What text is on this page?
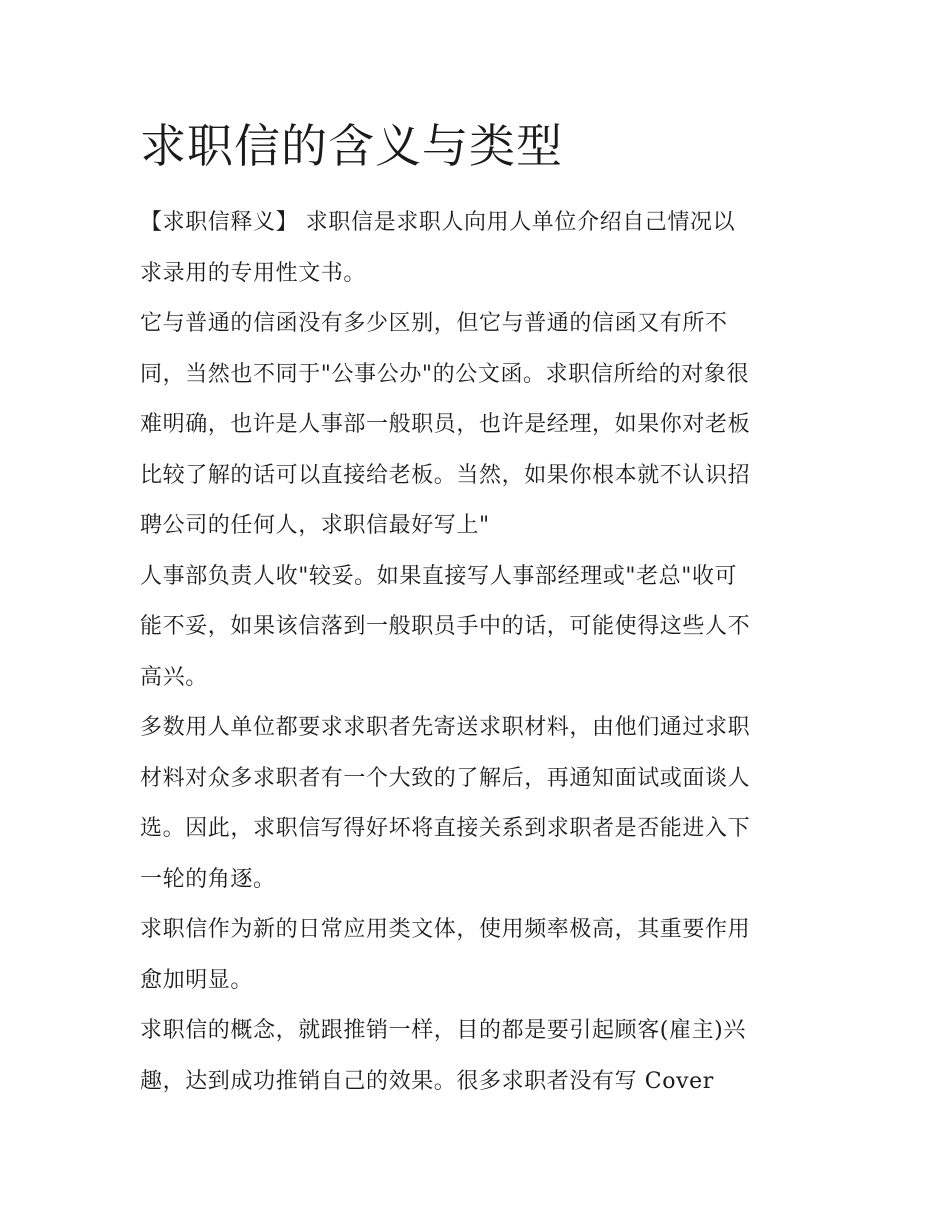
求职信的含义与类型

【求职信释义】 求职信是求职人向用人单位介绍自己情况以
求录用的专用性文书。

它与普通的信函没有多少区别，但它与普通的信函又有所不
同，当然也不同于"公事公办"的公文函。求职信所给的对象很
难明确，也许是人事部一般职员，也许是经理，如果你对老板
比较了解的话可以直接给老板。当然，如果你根本就不认识招
聘公司的任何人，求职信最好写上"

人事部负责人收"较妥。如果直接写人事部经理或"老总"收可
能不妥，如果该信落到一般职员手中的话，可能使得这些人不
高兴。

多数用人单位都要求求职者先寄送求职材料，由他们通过求职
材料对众多求职者有一个大致的了解后，再通知面试或面谈人
选。因此，求职信写得好坏将直接关系到求职者是否能进入下
一轮的角逐。

求职信作为新的日常应用类文体，使用频率极高，其重要作用
愈加明显。

求职信的概念，就跟推销一样，目的都是要引起顾客(雇主)兴
趣，达到成功推销自己的效果。很多求职者没有写 Cover
